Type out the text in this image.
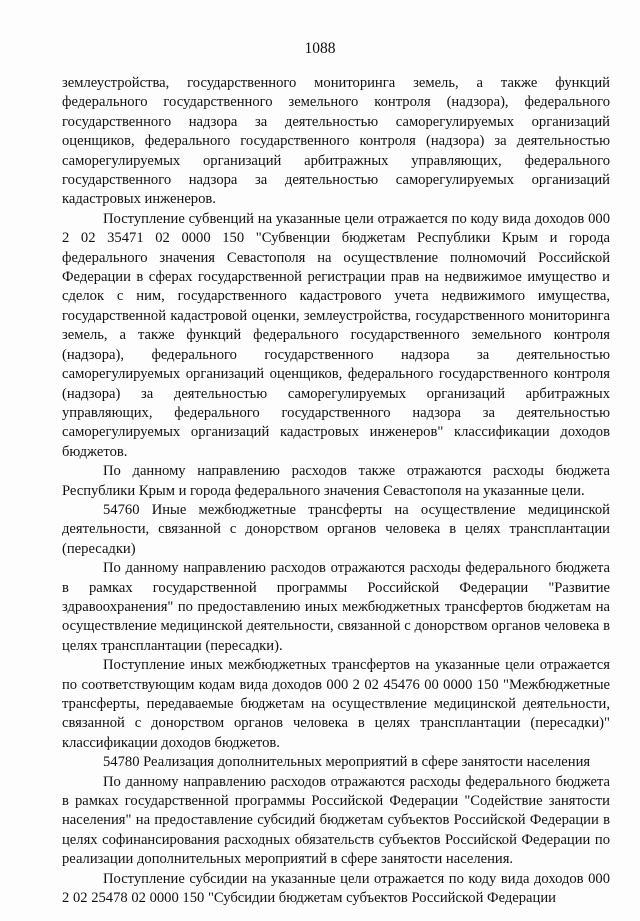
1088

землеустройства, государственного мониторинга земель, а также функций федерального государственного земельного контроля (надзора), федерального государственного надзора за деятельностью саморегулируемых организаций оценщиков, федерального государственного контроля (надзора) за деятельностью саморегулируемых организаций арбитражных управляющих, федерального государственного надзора за деятельностью саморегулируемых организаций кадастровых инженеров.

Поступление субвенций на указанные цели отражается по коду вида доходов 000 2 02 35471 02 0000 150 "Субвенции бюджетам Республики Крым и города федерального значения Севастополя на осуществление полномочий Российской Федерации в сферах государственной регистрации прав на недвижимое имущество и сделок с ним, государственного кадастрового учета недвижимого имущества, государственной кадастровой оценки, землеустройства, государственного мониторинга земель, а также функций федерального государственного земельного контроля (надзора), федерального государственного надзора за деятельностью саморегулируемых организаций оценщиков, федерального государственного контроля (надзора) за деятельностью саморегулируемых организаций арбитражных управляющих, федерального государственного надзора за деятельностью саморегулируемых организаций кадастровых инженеров" классификации доходов бюджетов.

По данному направлению расходов также отражаются расходы бюджета Республики Крым и города федерального значения Севастополя на указанные цели.

54760 Иные межбюджетные трансферты на осуществление медицинской деятельности, связанной с донорством органов человека в целях трансплантации (пересадки)

По данному направлению расходов отражаются расходы федерального бюджета в рамках государственной программы Российской Федерации "Развитие здравоохранения" по предоставлению иных межбюджетных трансфертов бюджетам на осуществление медицинской деятельности, связанной с донорством органов человека в целях трансплантации (пересадки).

Поступление иных межбюджетных трансфертов на указанные цели отражается по соответствующим кодам вида доходов 000 2 02 45476 00 0000 150 "Межбюджетные трансферты, передаваемые бюджетам на осуществление медицинской деятельности, связанной с донорством органов человека в целях трансплантации (пересадки)" классификации доходов бюджетов.

54780 Реализация дополнительных мероприятий в сфере занятости населения

По данному направлению расходов отражаются расходы федерального бюджета в рамках государственной программы Российской Федерации "Содействие занятости населения" на предоставление субсидий бюджетам субъектов Российской Федерации в целях софинансирования расходных обязательств субъектов Российской Федерации по реализации дополнительных мероприятий в сфере занятости населения.

Поступление субсидии на указанные цели отражается по коду вида доходов 000 2 02 25478 02 0000 150 "Субсидии бюджетам субъектов Российской Федерации
